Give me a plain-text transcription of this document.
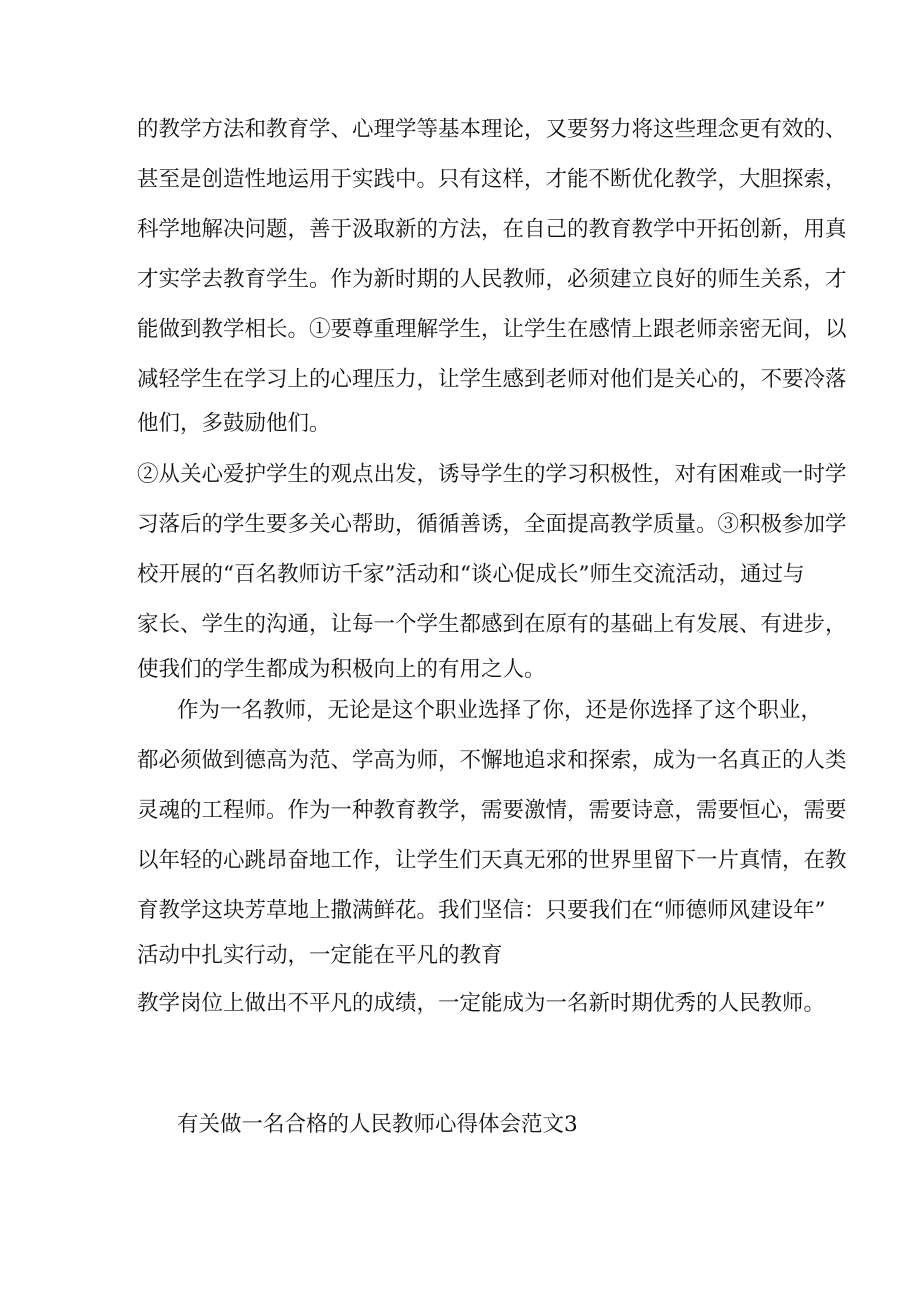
的教学方法和教育学、心理学等基本理论，又要努力将这些理念更有效的、
甚至是创造性地运用于实践中。只有这样，才能不断优化教学，大胆探索，
科学地解决问题，善于汲取新的方法，在自己的教育教学中开拓创新，用真
才实学去教育学生。作为新时期的人民教师，必须建立良好的师生关系，才
能做到教学相长。①要尊重理解学生，让学生在感情上跟老师亲密无间，以
减轻学生在学习上的心理压力，让学生感到老师对他们是关心的，不要冷落
他们，多鼓励他们。
②从关心爱护学生的观点出发，诱导学生的学习积极性，对有困难或一时学
习落后的学生要多关心帮助，循循善诱，全面提高教学质量。③积极参加学
校开展的“百名教师访千家”活动和“谈心促成长”师生交流活动，通过与
家长、学生的沟通，让每一个学生都感到在原有的基础上有发展、有进步，
使我们的学生都成为积极向上的有用之人。
作为一名教师，无论是这个职业选择了你，还是你选择了这个职业，
都必须做到德高为范、学高为师，不懈地追求和探索，成为一名真正的人类
灵魂的工程师。作为一种教育教学，需要激情，需要诗意，需要恒心，需要
以年轻的心跳昂奋地工作，让学生们天真无邪的世界里留下一片真情，在教
育教学这块芳草地上撒满鲜花。我们坚信：只要我们在“师德师风建设年”
活动中扎实行动，一定能在平凡的教育
教学岗位上做出不平凡的成绩，一定能成为一名新时期优秀的人民教师。
有关做一名合格的人民教师心得体会范文3
